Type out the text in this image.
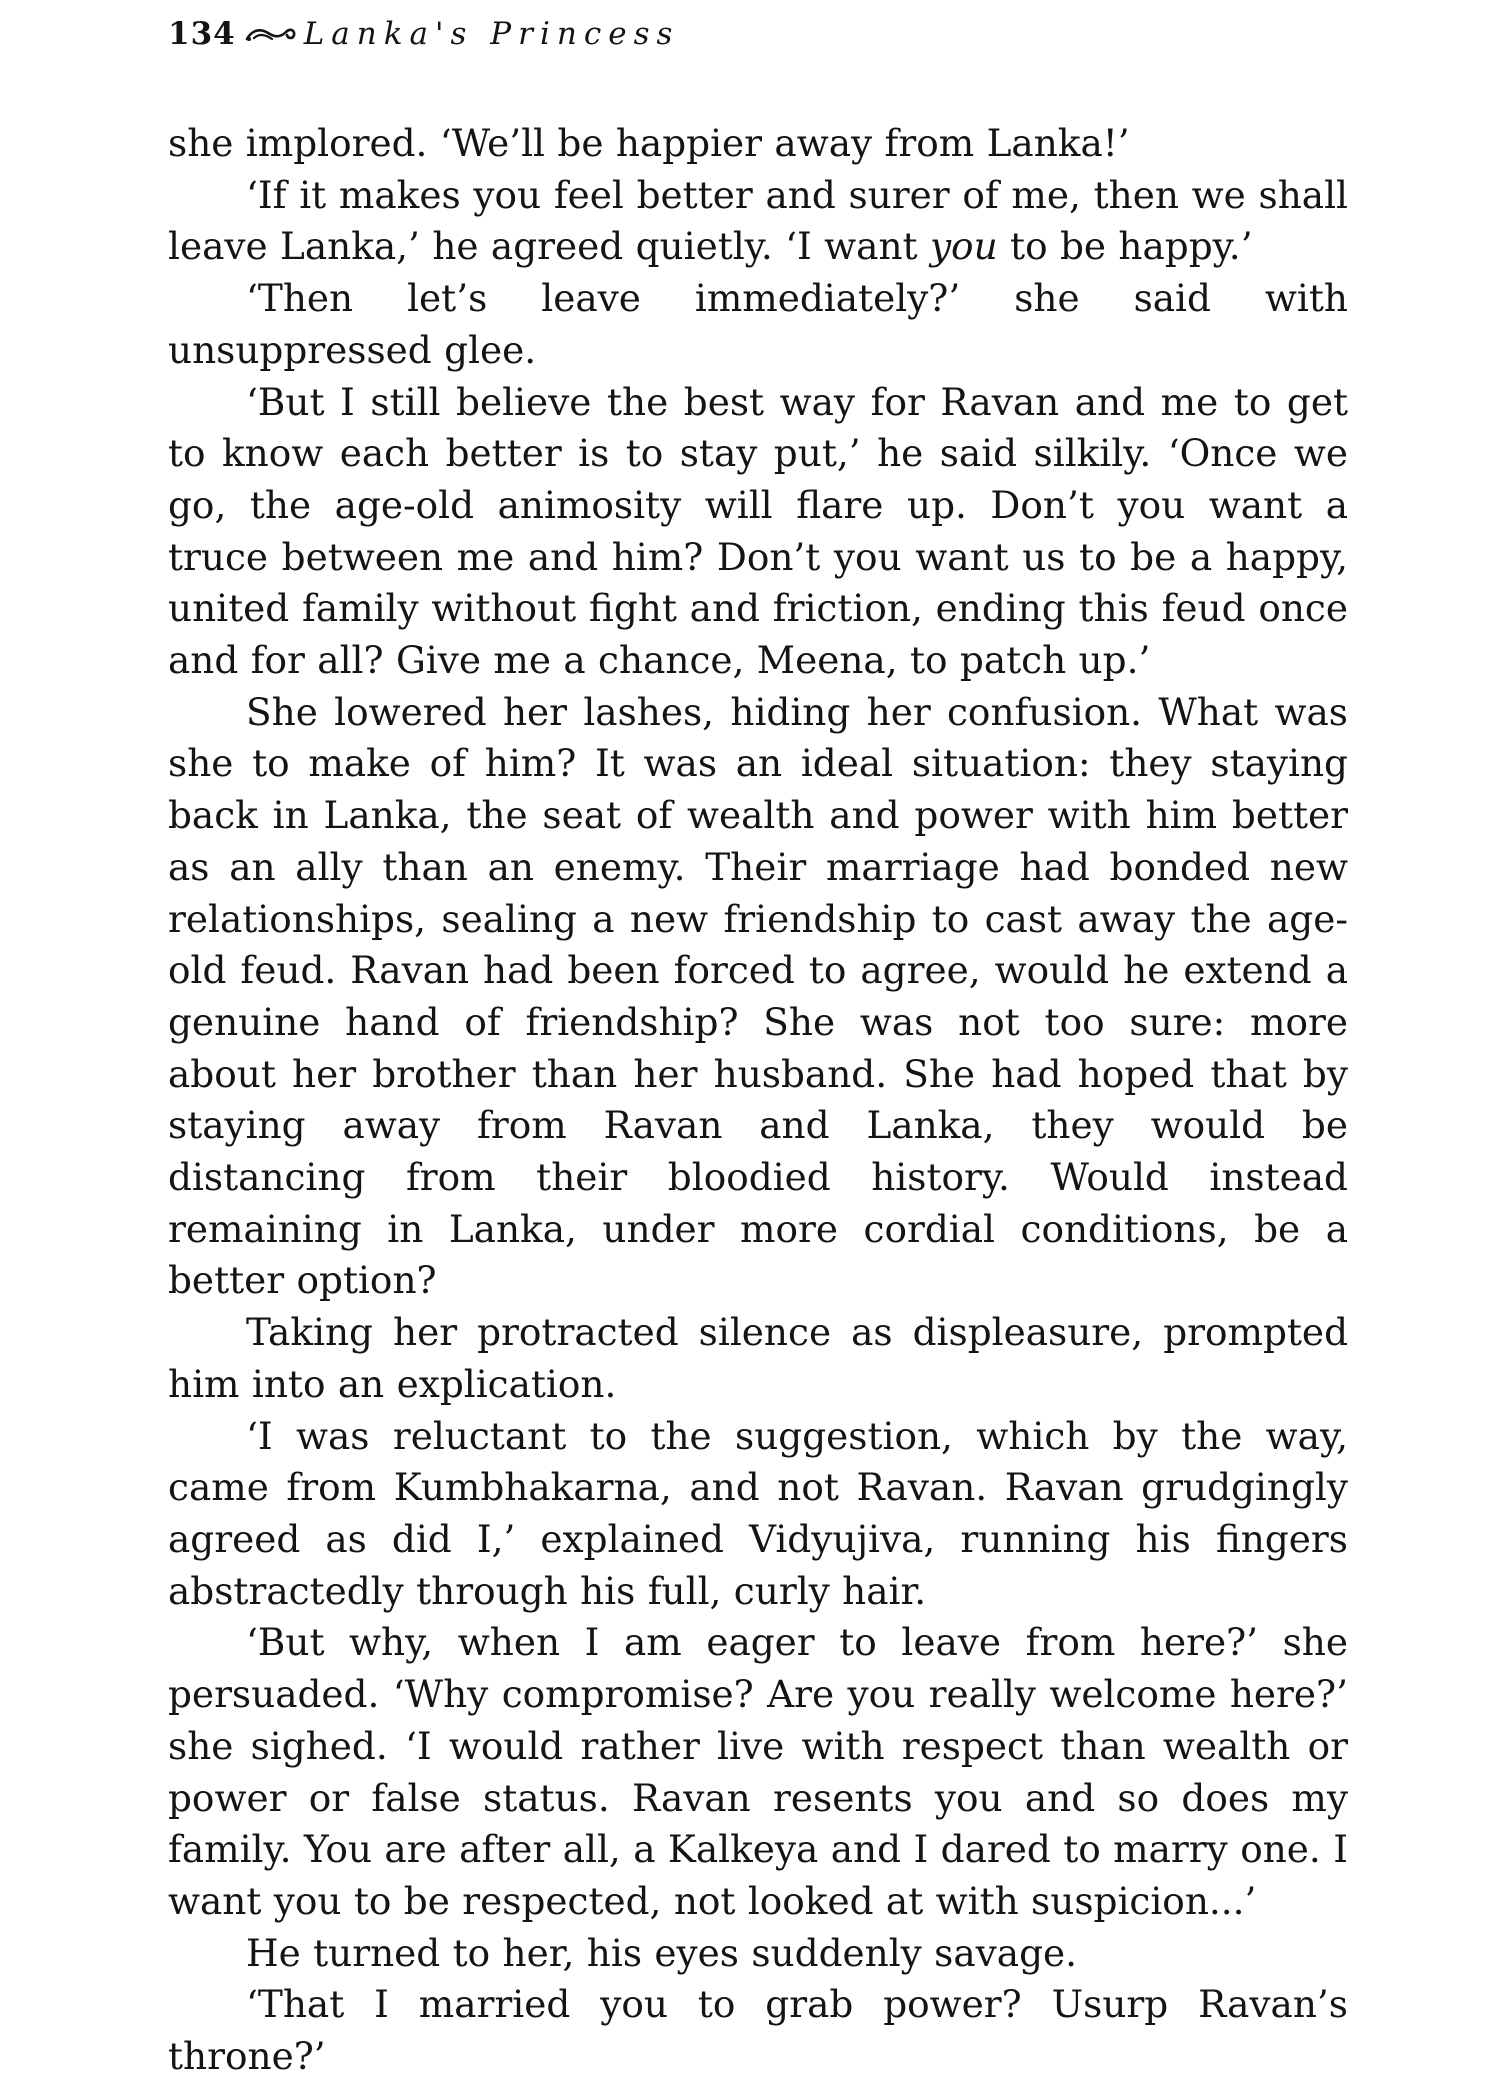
134 Lanka's Princess

she implored. ‘We’ll be happier away from Lanka!’

‘If it makes you feel better and surer of me, then we shall leave Lanka,’ he agreed quietly. ‘I want you to be happy.’

‘Then let’s leave immediately?’ she said with unsuppressed glee.

‘But I still believe the best way for Ravan and me to get to know each better is to stay put,’ he said silkily. ‘Once we go, the age-old animosity will flare up. Don’t you want a truce between me and him? Don’t you want us to be a happy, united family without fight and friction, ending this feud once and for all? Give me a chance, Meena, to patch up.’

She lowered her lashes, hiding her confusion. What was she to make of him? It was an ideal situation: they staying back in Lanka, the seat of wealth and power with him better as an ally than an enemy. Their marriage had bonded new relationships, sealing a new friendship to cast away the age-old feud. Ravan had been forced to agree, would he extend a genuine hand of friendship? She was not too sure: more about her brother than her husband. She had hoped that by staying away from Ravan and Lanka, they would be distancing from their bloodied history. Would instead remaining in Lanka, under more cordial conditions, be a better option?

Taking her protracted silence as displeasure, prompted him into an explication.

‘I was reluctant to the suggestion, which by the way, came from Kumbhakarna, and not Ravan. Ravan grudgingly agreed as did I,’ explained Vidyujiva, running his fingers abstractedly through his full, curly hair.

‘But why, when I am eager to leave from here?’ she persuaded. ‘Why compromise? Are you really welcome here?’ she sighed. ‘I would rather live with respect than wealth or power or false status. Ravan resents you and so does my family. You are after all, a Kalkeya and I dared to marry one. I want you to be respected, not looked at with suspicion...’

He turned to her, his eyes suddenly savage.

‘That I married you to grab power? Usurp Ravan’s throne?’
